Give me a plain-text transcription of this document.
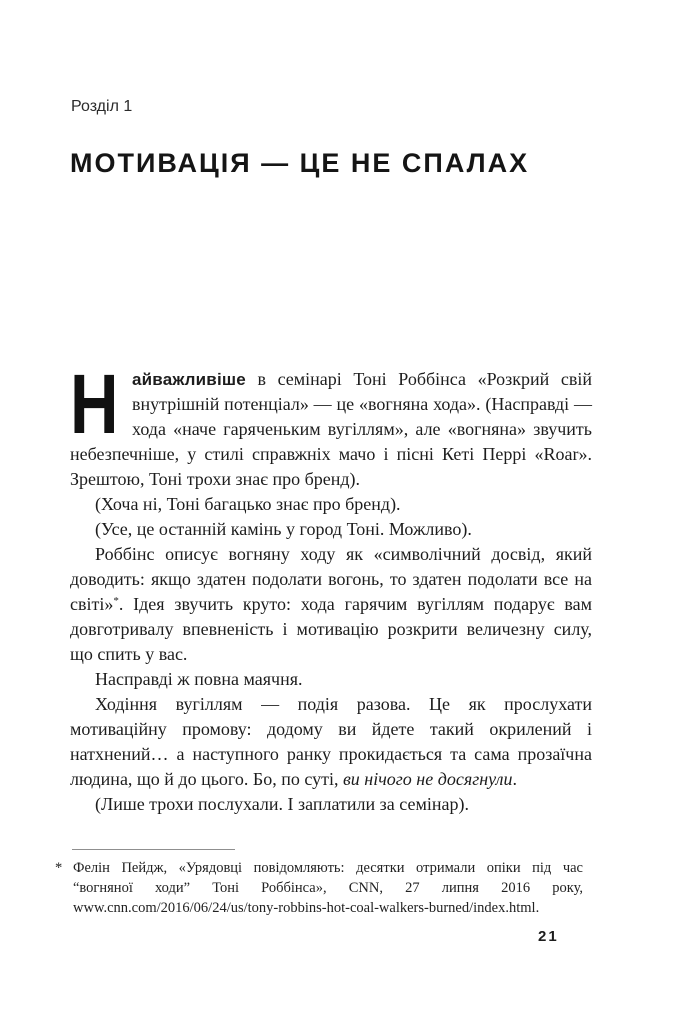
Розділ 1
МОТИВАЦІЯ — ЦЕ НЕ СПАЛАХ

Найважливіше в семінарі Тоні Роббінса «Розкрий свій внутрішній потенціал» — це «вогняна хода». (Насправді — хода «наче гаряченьким вугіллям», але «вогняна» звучить небезпечніше, у стилі справжніх мачо і пісні Кеті Перрі «Roar». Зрештою, Тоні трохи знає про бренд).

(Хоча ні, Тоні багацько знає про бренд).

(Усе, це останній камінь у город Тоні. Можливо).

Роббінс описує вогняну ходу як «символічний досвід, який доводить: якщо здатен подолати вогонь, то здатен подолати все на світі»*. Ідея звучить круто: хода гарячим вугіллям подарує вам довготривалу впевненість і мотивацію розкрити величезну силу, що спить у вас.

Насправді ж повна маячня.

Ходіння вугіллям — подія разова. Це як прослухати мотиваційну промову: додому ви йдете такий окрилений і натхнений… а наступного ранку прокидається та сама прозаїчна людина, що й до цього. Бо, по суті, ви нічого не досягнули.

(Лише трохи послухали. І заплатили за семінар).

* Фелін Пейдж, «Урядовці повідомляють: десятки отримали опіки під час “вогняної ходи” Тоні Роббінса», CNN, 27 липня 2016 року, www.cnn.com/2016/06/24/us/tony-robbins-hot-coal-walkers-burned/index.html.
21
